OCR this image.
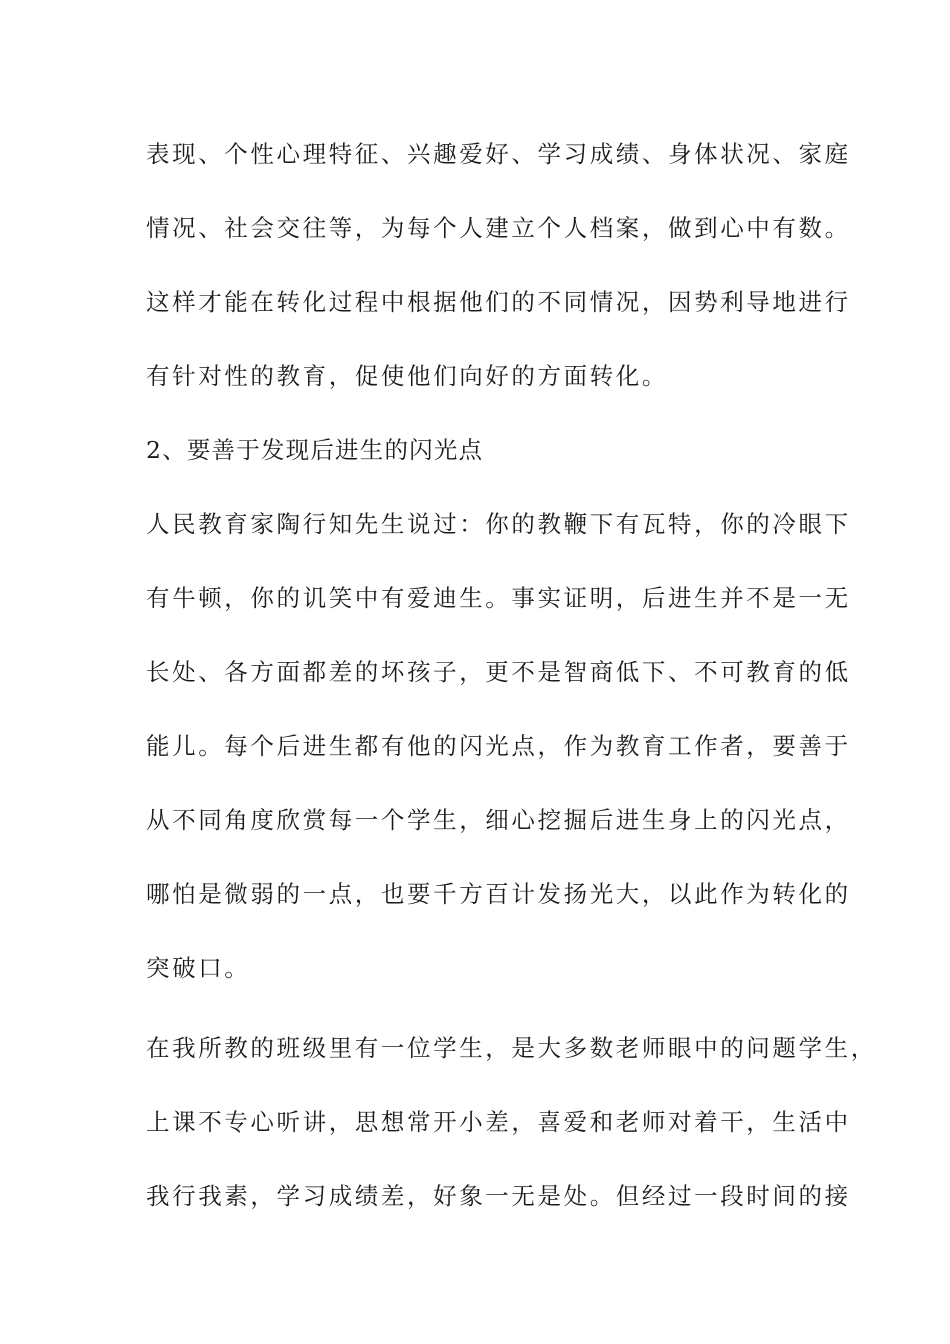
表现、个性心理特征、兴趣爱好、学习成绩、身体状况、家庭
情况、社会交往等，为每个人建立个人档案，做到心中有数。
这样才能在转化过程中根据他们的不同情况，因势利导地进行
有针对性的教育，促使他们向好的方面转化。
2、要善于发现后进生的闪光点
人民教育家陶行知先生说过：你的教鞭下有瓦特，你的冷眼下
有牛顿，你的讥笑中有爱迪生。事实证明，后进生并不是一无
长处、各方面都差的坏孩子，更不是智商低下、不可教育的低
能儿。每个后进生都有他的闪光点，作为教育工作者，要善于
从不同角度欣赏每一个学生，细心挖掘后进生身上的闪光点，
哪怕是微弱的一点，也要千方百计发扬光大，以此作为转化的
突破口。
在我所教的班级里有一位学生，是大多数老师眼中的问题学生，
上课不专心听讲，思想常开小差，喜爱和老师对着干，生活中
我行我素，学习成绩差，好象一无是处。但经过一段时间的接
